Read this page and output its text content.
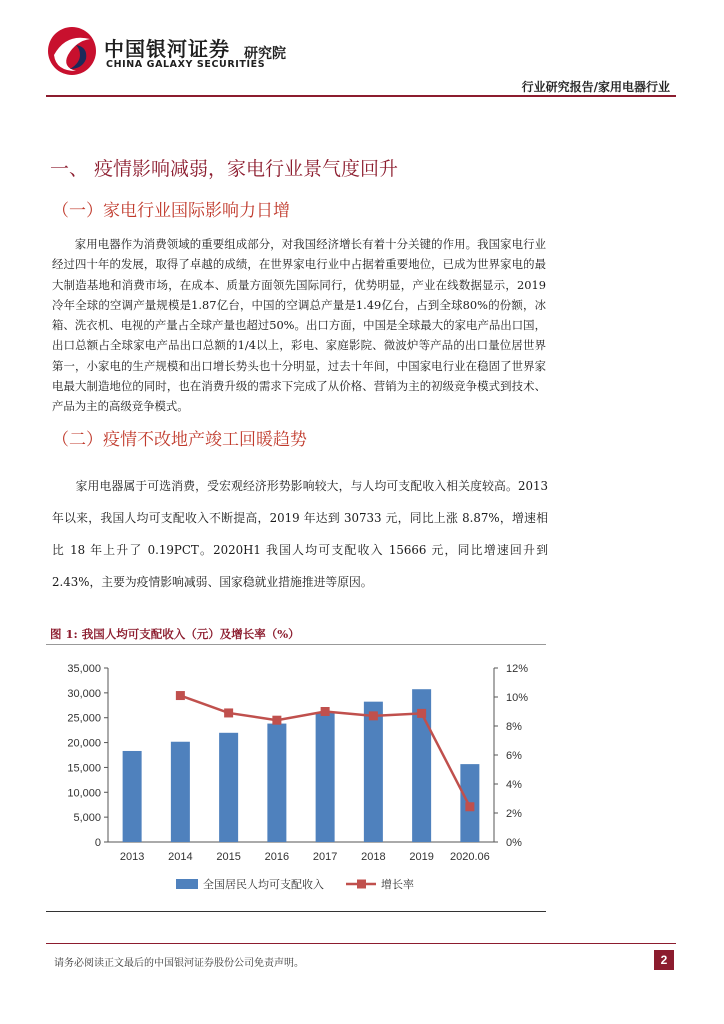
中国银河证券
CHINA GALAXY SECURITIES
研究院
行业研究报告/家用电器行业
一、 疫情影响减弱，家电行业景气度回升
（一）家电行业国际影响力日增
家用电器作为消费领域的重要组成部分，对我国经济增长有着十分关键的作用。我国家电行业经过四十年的发展，取得了卓越的成绩，在世界家电行业中占据着重要地位，已成为世界家电的最大制造基地和消费市场，在成本、质量方面领先国际同行，优势明显，产业在线数据显示，2019冷年全球的空调产量规模是1.87亿台，中国的空调总产量是1.49亿台，占到全球80%的份额，冰箱、洗衣机、电视的产量占全球产量也超过50%。出口方面，中国是全球最大的家电产品出口国，出口总额占全球家电产品出口总额的1/4以上，彩电、家庭影院、微波炉等产品的出口量位居世界第一，小家电的生产规模和出口增长势头也十分明显，过去十年间，中国家电行业在稳固了世界家电最大制造地位的同时，也在消费升级的需求下完成了从价格、营销为主的初级竞争模式到技术、产品为主的高级竞争模式。
（二）疫情不改地产竣工回暖趋势
家用电器属于可选消费，受宏观经济形势影响较大，与人均可支配收入相关度较高。2013年以来，我国人均可支配收入不断提高，2019 年达到 30733 元，同比上涨 8.87%，增速相比 18 年上升了 0.19PCT。2020H1 我国人均可支配收入 15666 元，同比增速回升到 2.43%，主要为疫情影响减弱、国家稳就业措施推进等原因。
图 1: 我国人均可支配收入（元）及增长率（%）
0
5,000
10,000
15,000
20,000
25,000
30,000
35,000
0%
2%
4%
6%
8%
10%
12%
2013 2014 2015 2016 2017 2018 2019 2020.06
全国居民人均可支配收入	增长率
请务必阅读正文最后的中国银河证券股份公司免责声明。	2
